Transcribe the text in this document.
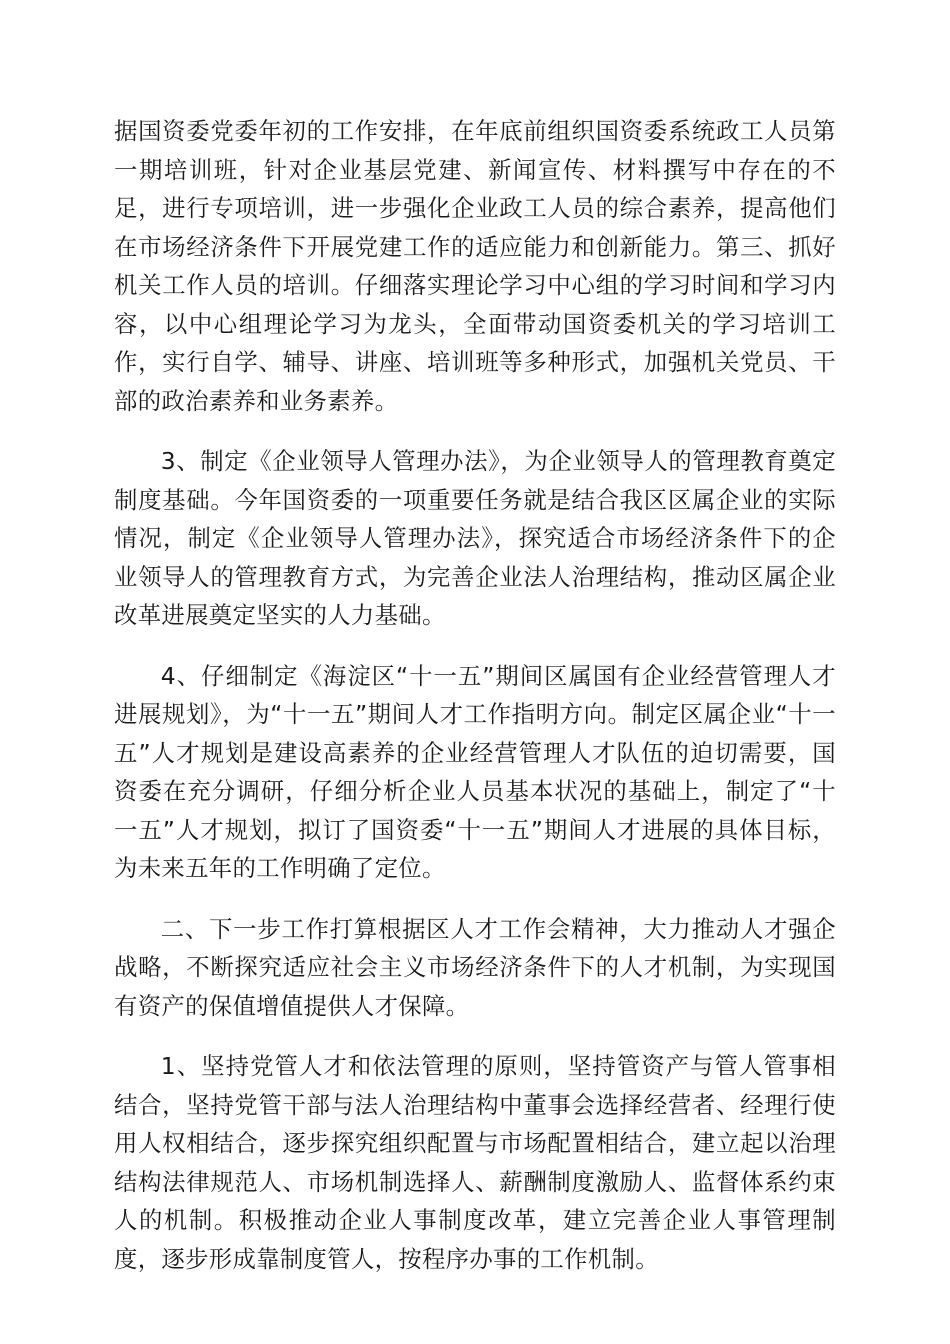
据国资委党委年初的工作安排，在年底前组织国资委系统政工人员第一期培训班，针对企业基层党建、新闻宣传、材料撰写中存在的不足，进行专项培训，进一步强化企业政工人员的综合素养，提高他们在市场经济条件下开展党建工作的适应能力和创新能力。第三、抓好机关工作人员的培训。仔细落实理论学习中心组的学习时间和学习内容，以中心组理论学习为龙头，全面带动国资委机关的学习培训工作，实行自学、辅导、讲座、培训班等多种形式，加强机关党员、干部的政治素养和业务素养。

3、制定《企业领导人管理办法》，为企业领导人的管理教育奠定制度基础。今年国资委的一项重要任务就是结合我区区属企业的实际情况，制定《企业领导人管理办法》，探究适合市场经济条件下的企业领导人的管理教育方式，为完善企业法人治理结构，推动区属企业改革进展奠定坚实的人力基础。

4、仔细制定《海淀区“十一五”期间区属国有企业经营管理人才进展规划》，为“十一五”期间人才工作指明方向。制定区属企业“十一五”人才规划是建设高素养的企业经营管理人才队伍的迫切需要，国资委在充分调研，仔细分析企业人员基本状况的基础上，制定了“十一五”人才规划，拟订了国资委“十一五”期间人才进展的具体目标，为未来五年的工作明确了定位。

二、下一步工作打算根据区人才工作会精神，大力推动人才强企战略，不断探究适应社会主义市场经济条件下的人才机制，为实现国有资产的保值增值提供人才保障。

1、坚持党管人才和依法管理的原则，坚持管资产与管人管事相结合，坚持党管干部与法人治理结构中董事会选择经营者、经理行使用人权相结合，逐步探究组织配置与市场配置相结合，建立起以治理结构法律规范人、市场机制选择人、薪酬制度激励人、监督体系约束人的机制。积极推动企业人事制度改革，建立完善企业人事管理制度，逐步形成靠制度管人，按程序办事的工作机制。
